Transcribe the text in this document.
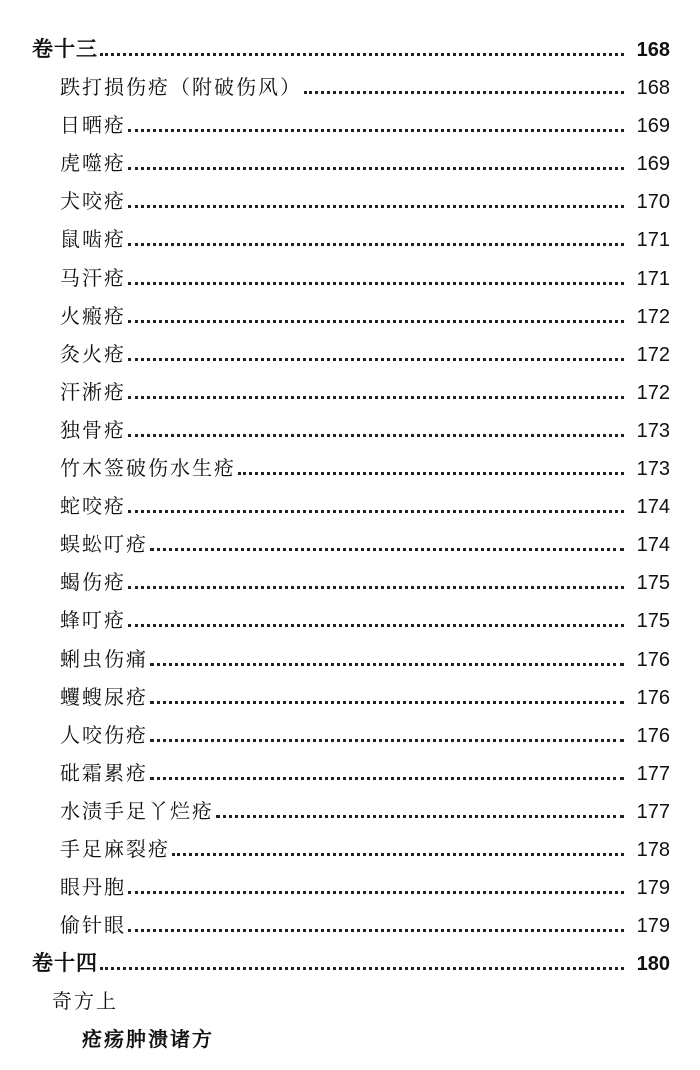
卷十三	168
跌打损伤疮（附破伤风）	168
日晒疮	169
虎噬疮	169
犬咬疮	170
鼠啮疮	171
马汗疮	171
火瘢疮	172
灸火疮	172
汗淅疮	172
独骨疮	173
竹木签破伤水生疮	173
蛇咬疮	174
蜈蚣叮疮	174
蝎伤疮	175
蜂叮疮	175
蜊虫伤痛	176
蠼螋尿疮	176
人咬伤疮	176
砒霜累疮	177
水渍手足丫烂疮	177
手足麻裂疮	178
眼丹胞	179
偷针眼	179
卷十四	180
奇方上
疮疡肿溃诸方
